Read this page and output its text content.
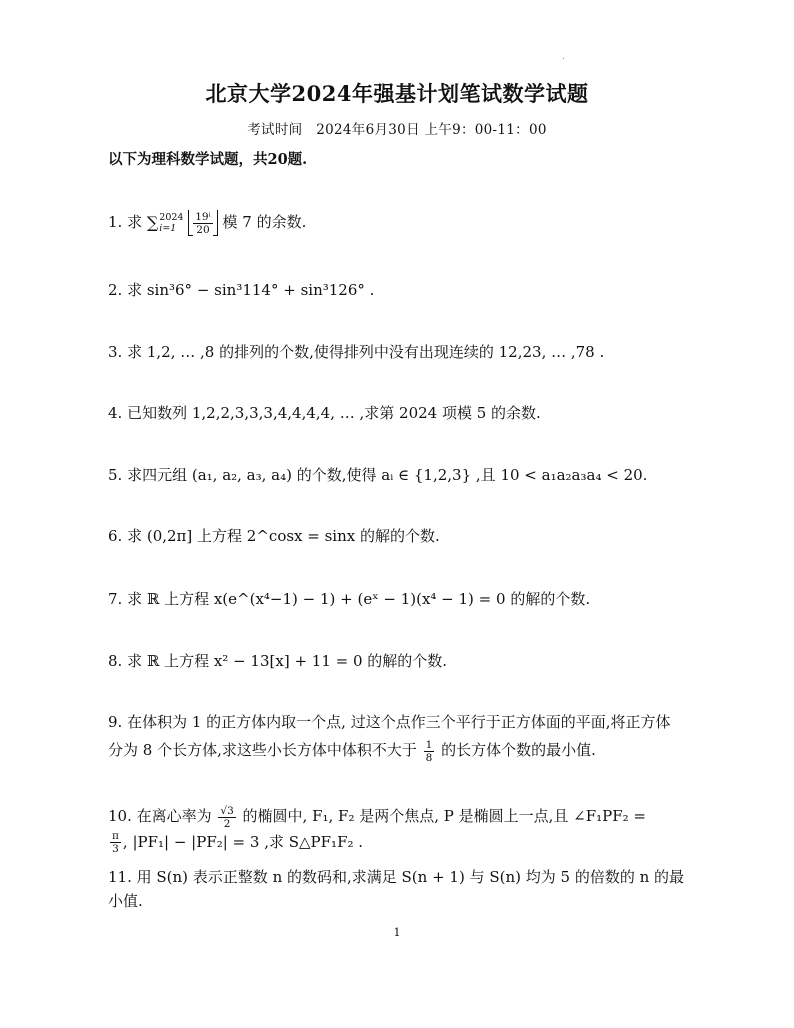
.
北京大学2024年强基计划笔试数学试题
考试时间　2024年6月30日 上午9：00-11：00
以下为理科数学试题，共20题.
1. 求 ∑ 2024
i=1
	$\frac{\text{19ⁱ}}{20}$ 模 7 的余数.
2. 求 sin³6° − sin³114° + sin³126° .
3. 求 1,2, … ,8 的排列的个数,使得排列中没有出现连续的 12,23, … ,78 .
4. 已知数列 1,2,2,3,3,3,4,4,4,4, … ,求第 2024 项模 5 的余数.
5. 求四元组 (a₁, a₂, a₃, a₄) 的个数,使得 aᵢ ∈ {1,2,3} ,且 10 < a₁a₂a₃a₄ < 20.
6. 求 (0,2π] 上方程 2^cosx = sinx 的解的个数.
7. 求 ℝ 上方程 x(e^(x⁴−1) − 1) + (eˣ − 1)(x⁴ − 1) = 0 的解的个数.
8. 求 ℝ 上方程 x² − 13[x] + 11 = 0 的解的个数.
9. 在体积为 1 的正方体内取一个点, 过这个点作三个平行于正方体面的平面,将正方体
分为 8 个长方体,求这些小长方体中体积不大于 $\frac{1}{8}$ 的长方体个数的最小值.
10. 在离心率为 $\frac{√3}{2}$ 的椭圆中, F₁, F₂ 是两个焦点, P 是椭圆上一点,且 ∠F₁PF₂ =
$\frac{\pi}{3}$ , |PF₁| − |PF₂| = 3 ,求 S△PF₁F₂ .
11. 用 S(n) 表示正整数 n 的数码和,求满足 S(n + 1) 与 S(n) 均为 5 的倍数的 n 的最
小值.
1
